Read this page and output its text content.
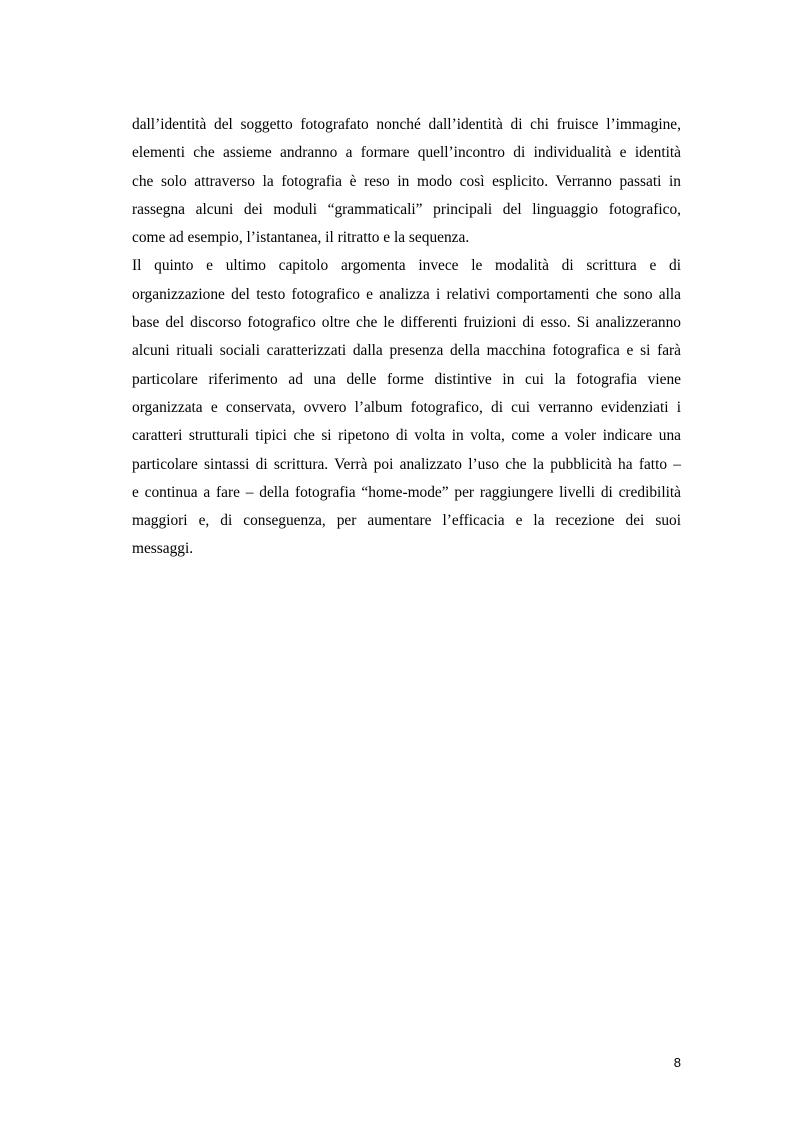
dall’identità del soggetto fotografato nonché dall’identità di chi fruisce l’immagine,
elementi che assieme andranno a formare quell’incontro di individualità e identità
che solo attraverso la fotografia è reso in modo così esplicito. Verranno passati in
rassegna alcuni dei moduli “grammaticali” principali del linguaggio fotografico,
come ad esempio, l’istantanea, il ritratto e la sequenza.
Il quinto e ultimo capitolo argomenta invece le modalità di scrittura e di
organizzazione del testo fotografico e analizza i relativi comportamenti che sono alla
base del discorso fotografico oltre che le differenti fruizioni di esso. Si analizzeranno
alcuni rituali sociali caratterizzati dalla presenza della macchina fotografica e si farà
particolare riferimento ad una delle forme distintive in cui la fotografia viene
organizzata e conservata, ovvero l’album fotografico, di cui verranno evidenziati i
caratteri strutturali tipici che si ripetono di volta in volta, come a voler indicare una
particolare sintassi di scrittura. Verrà poi analizzato l’uso che la pubblicità ha fatto –
e continua a fare – della fotografia “home-mode” per raggiungere livelli di credibilità
maggiori e, di conseguenza, per aumentare l’efficacia e la recezione dei suoi
messaggi.
8
